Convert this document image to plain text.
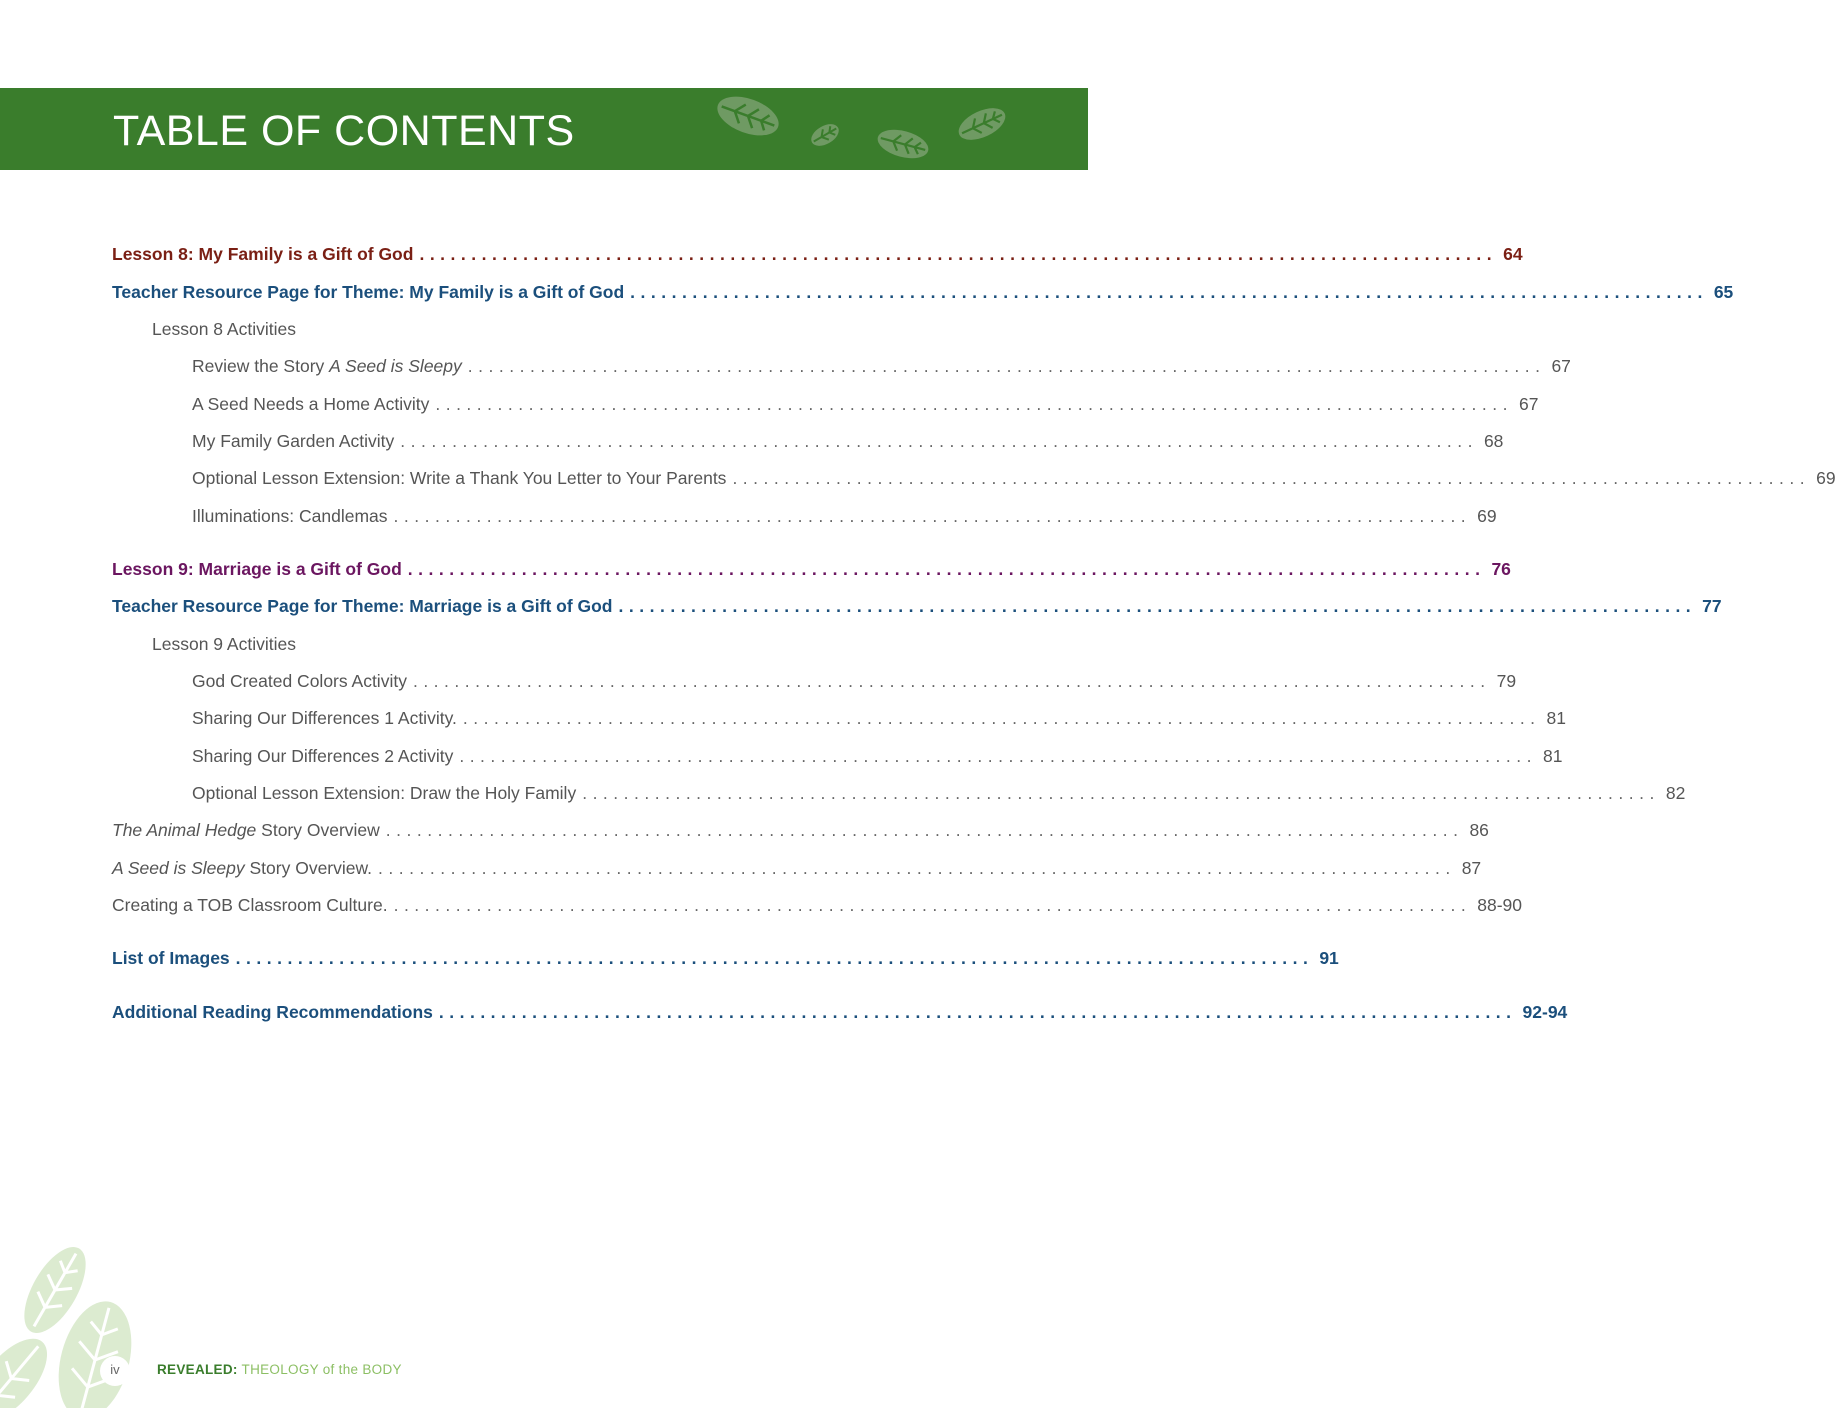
TABLE OF CONTENTS
Lesson 8: My Family is a Gift of God ........................................................................................................ 64
Teacher Resource Page for Theme: My Family is a Gift of God ........................................................................................................ 65
Lesson 8 Activities
Review the Story A Seed is Sleepy ........................................................................................................ 67
A Seed Needs a Home Activity ........................................................................................................ 67
My Family Garden Activity ........................................................................................................ 68
Optional Lesson Extension: Write a Thank You Letter to Your Parents ........................................................................................................ 69
Illuminations: Candlemas ........................................................................................................ 69
Lesson 9: Marriage is a Gift of God ........................................................................................................ 76
Teacher Resource Page for Theme: Marriage is a Gift of God ........................................................................................................ 77
Lesson 9 Activities
God Created Colors Activity ........................................................................................................ 79
Sharing Our Differences 1 Activity. ........................................................................................................ 81
Sharing Our Differences 2 Activity ........................................................................................................ 81
Optional Lesson Extension: Draw the Holy Family ........................................................................................................ 82
The Animal Hedge Story Overview ........................................................................................................ 86
A Seed is Sleepy Story Overview. ........................................................................................................ 87
Creating a TOB Classroom Culture. ........................................................................................................ 88-90
List of Images ........................................................................................................ 91
Additional Reading Recommendations ........................................................................................................ 92-94
iv	REVEALED: THEOLOGY of the BODY
